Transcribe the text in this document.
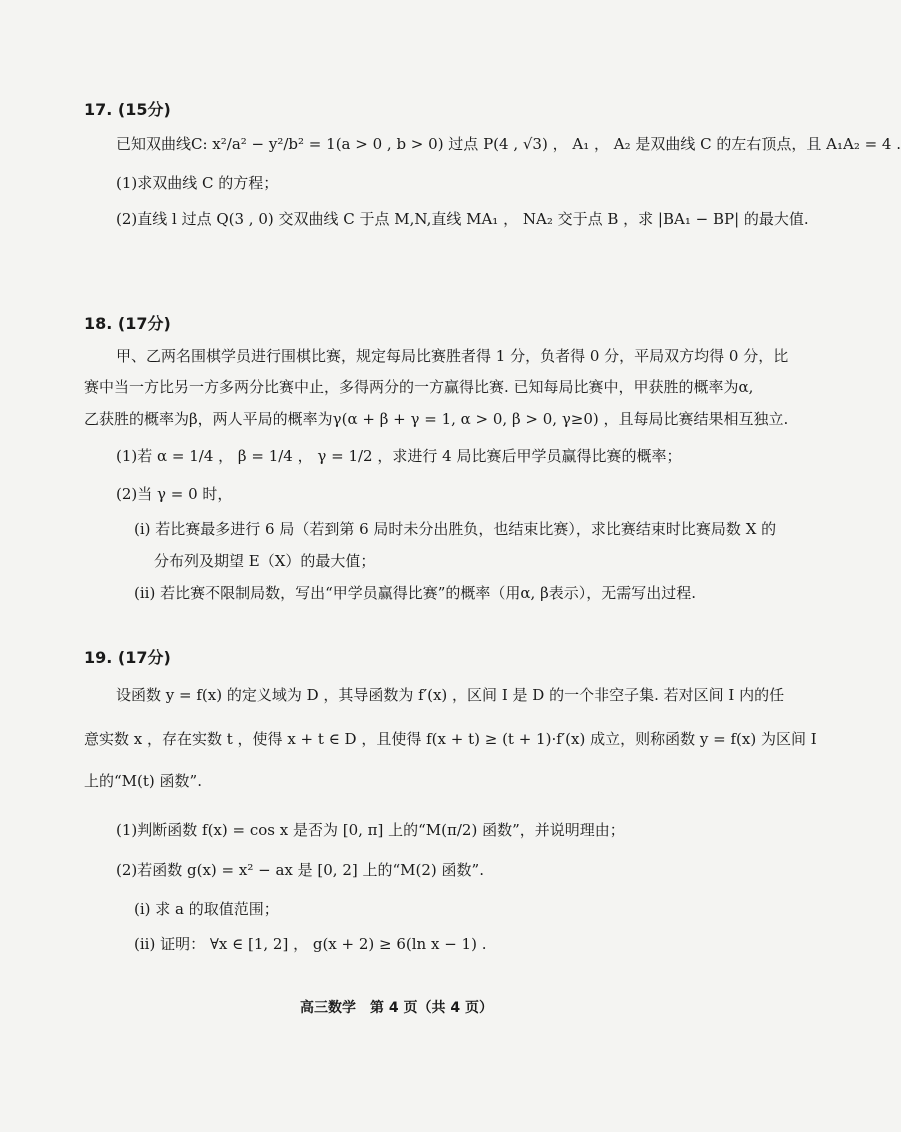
17. (15分)
已知双曲线C: x²/a² − y²/b² = 1(a > 0 , b > 0) 过点 P(4 , √3) ， A₁ ， A₂ 是双曲线 C 的左右顶点，且 A₁A₂ = 4 .
(1)求双曲线 C 的方程；
(2)直线 l 过点 Q(3 , 0) 交双曲线 C 于点 M,N,直线 MA₁ ， NA₂ 交于点 B ，求 |BA₁ − BP| 的最大值.
18. (17分)
甲、乙两名围棋学员进行围棋比赛，规定每局比赛胜者得 1 分，负者得 0 分，平局双方均得 0 分，比
赛中当一方比另一方多两分比赛中止，多得两分的一方赢得比赛. 已知每局比赛中，甲获胜的概率为α,
乙获胜的概率为β，两人平局的概率为γ(α + β + γ = 1, α > 0, β > 0, γ≥0) ，且每局比赛结果相互独立.
(1)若 α = 1/4 ， β = 1/4 ， γ = 1/2 ，求进行 4 局比赛后甲学员赢得比赛的概率；
(2)当 γ = 0 时，
(i) 若比赛最多进行 6 局（若到第 6 局时未分出胜负，也结束比赛），求比赛结束时比赛局数 X 的
分布列及期望 E（X）的最大值；
(ii) 若比赛不限制局数，写出“甲学员赢得比赛”的概率（用α, β表示），无需写出过程.
19. (17分)
设函数 y = f(x) 的定义域为 D ，其导函数为 f′(x) ，区间 I 是 D 的一个非空子集. 若对区间 I 内的任
意实数 x ，存在实数 t ，使得 x + t ∈ D ，且使得 f(x + t) ≥ (t + 1)·f′(x) 成立，则称函数 y = f(x) 为区间 I
上的“M(t) 函数”.
(1)判断函数 f(x) = cos x 是否为 [0, π] 上的“M(π/2) 函数”，并说明理由；
(2)若函数 g(x) = x² − ax 是 [0, 2] 上的“M(2) 函数”.
(i) 求 a 的取值范围；
(ii) 证明： ∀x ∈ [1, 2] ， g(x + 2) ≥ 6(ln x − 1) .
高三数学　第 4 页（共 4 页）
